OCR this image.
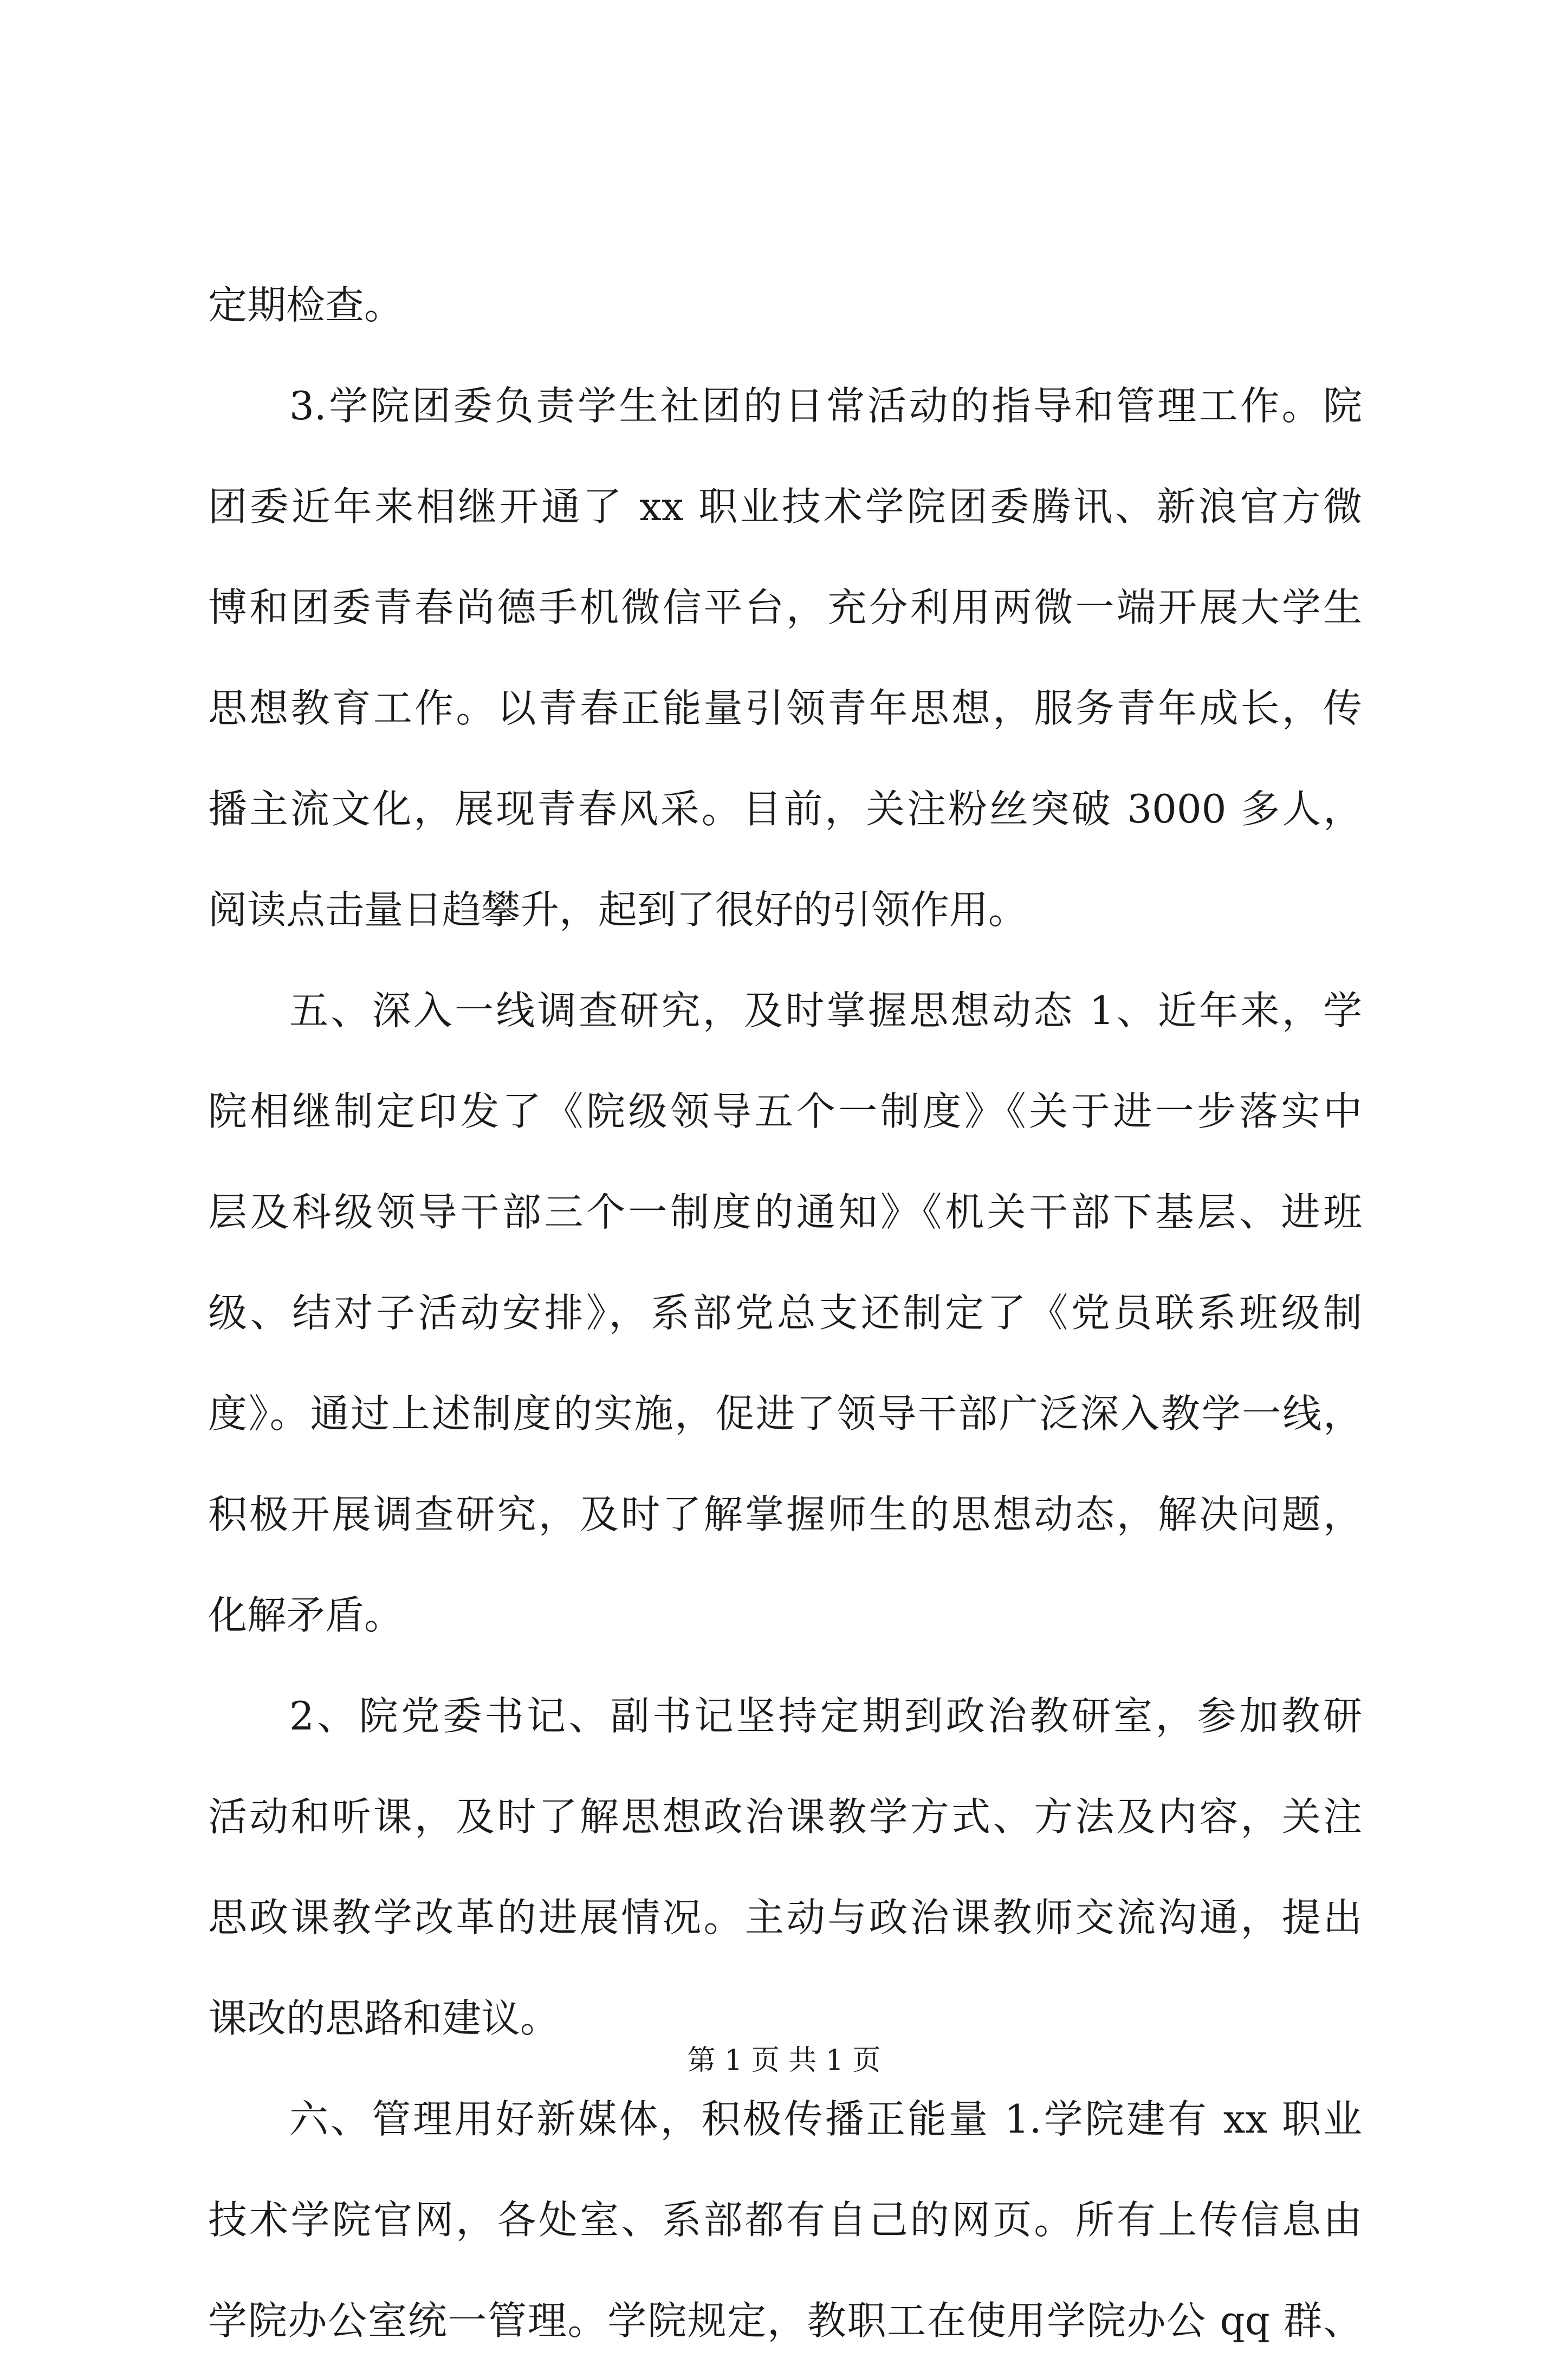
定期检查。
3.学院团委负责学生社团的日常活动的指导和管理工作。院
团委近年来相继开通了 xx 职业技术学院团委腾讯、新浪官方微
博和团委青春尚德手机微信平台，充分利用两微一端开展大学生
思想教育工作。以青春正能量引领青年思想，服务青年成长，传
播主流文化，展现青春风采。目前，关注粉丝突破 3000 多人，
阅读点击量日趋攀升，起到了很好的引领作用。
五、深入一线调查研究，及时掌握思想动态 1、近年来，学
院相继制定印发了《院级领导五个一制度》《关于进一步落实中
层及科级领导干部三个一制度的通知》《机关干部下基层、进班
级、结对子活动安排》，系部党总支还制定了《党员联系班级制
度》。通过上述制度的实施，促进了领导干部广泛深入教学一线，
积极开展调查研究，及时了解掌握师生的思想动态，解决问题，
化解矛盾。
2、院党委书记、副书记坚持定期到政治教研室，参加教研
活动和听课，及时了解思想政治课教学方式、方法及内容，关注
思政课教学改革的进展情况。主动与政治课教师交流沟通，提出
课改的思路和建议。
六、管理用好新媒体，积极传播正能量 1.学院建有 xx 职业
技术学院官网，各处室、系部都有自己的网页。所有上传信息由
学院办公室统一管理。学院规定，教职工在使用学院办公 qq 群、
第 1 页 共 1 页
